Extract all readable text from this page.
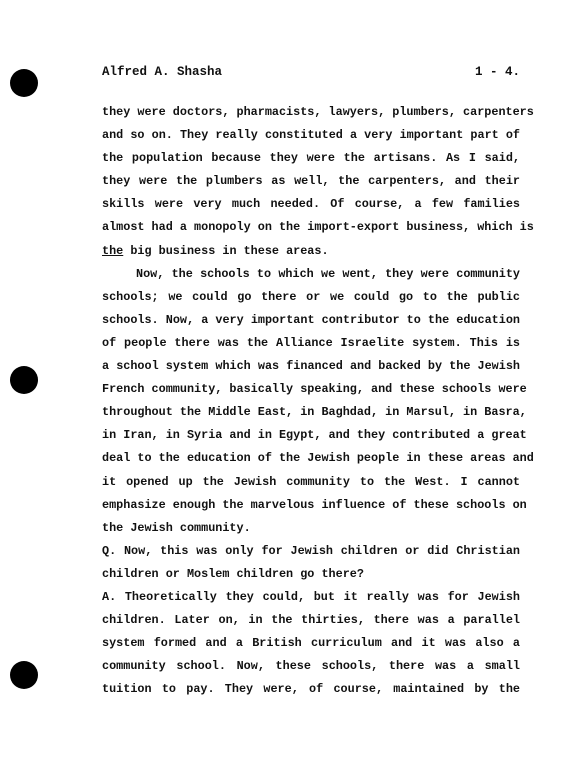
Alfred A. Shasha	1 - 4.
they were doctors, pharmacists, lawyers, plumbers, carpenters
and so on. They really constituted a very important part of
the population because they were the artisans. As I said,
they were the plumbers as well, the carpenters, and their
skills were very much needed. Of course, a few families
almost had a monopoly on the import-export business, which is
the big business in these areas.
Now, the schools to which we went, they were community
schools; we could go there or we could go to the public
schools. Now, a very important contributor to the education
of people there was the Alliance Israelite system. This is
a school system which was financed and backed by the Jewish
French community, basically speaking, and these schools were
throughout the Middle East, in Baghdad, in Marsul, in Basra,
in Iran, in Syria and in Egypt, and they contributed a great
deal to the education of the Jewish people in these areas and
it opened up the Jewish community to the West. I cannot
emphasize enough the marvelous influence of these schools on
the Jewish community.
Q. Now, this was only for Jewish children or did Christian
children or Moslem children go there?
A. Theoretically they could, but it really was for Jewish
children. Later on, in the thirties, there was a parallel
system formed and a British curriculum and it was also a
community school. Now, these schools, there was a small
tuition to pay. They were, of course, maintained by the
